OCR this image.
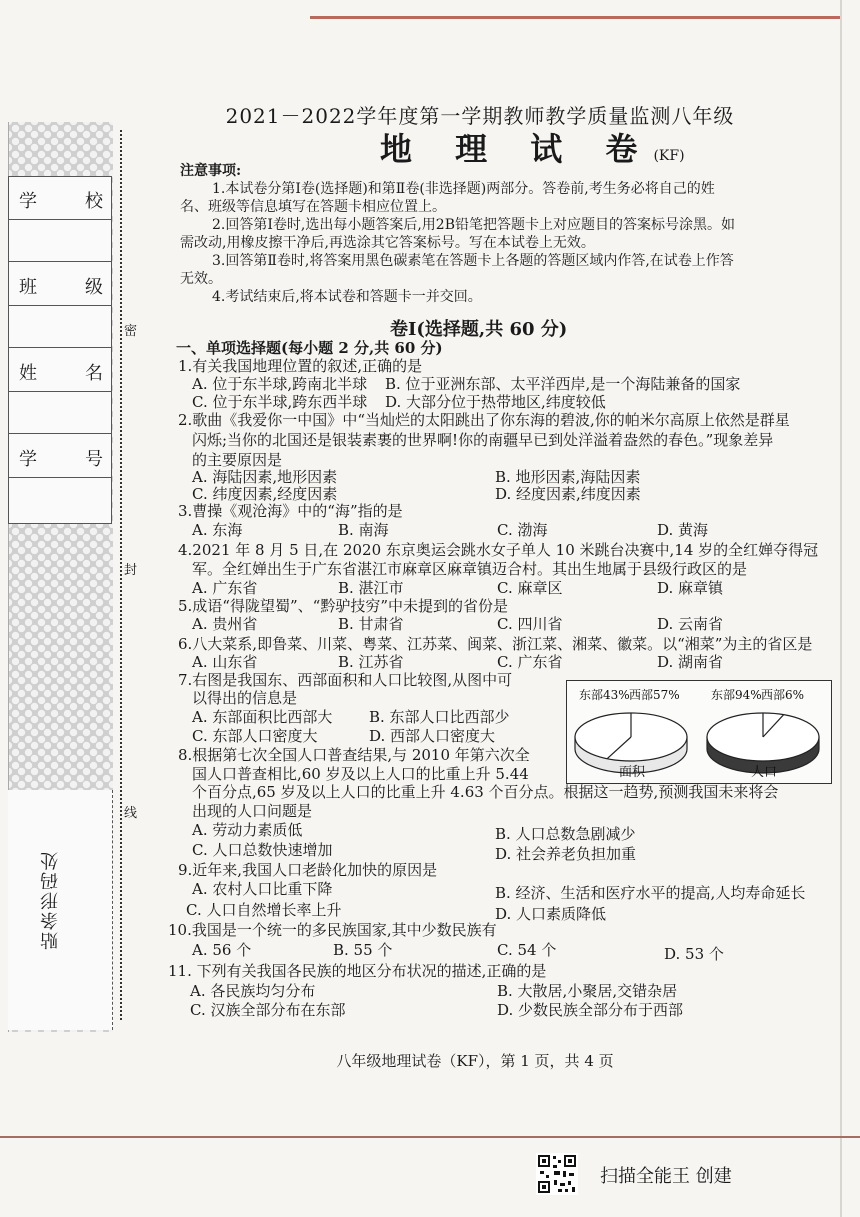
学	校
班	级
姓	名
学	号
贴条形码处
密
封
线
2021－2022学年度第一学期教师教学质量监测八年级
地 理 试 卷(KF)
注意事项:
1.本试卷分第Ⅰ卷(选择题)和第Ⅱ卷(非选择题)两部分。答卷前,考生务必将自己的姓
名、班级等信息填写在答题卡相应位置上。
2.回答第Ⅰ卷时,选出每小题答案后,用2B铅笔把答题卡上对应题目的答案标号涂黑。如
需改动,用橡皮擦干净后,再选涂其它答案标号。写在本试卷上无效。
3.回答第Ⅱ卷时,将答案用黑色碳素笔在答题卡上各题的答题区域内作答,在试卷上作答
无效。
4.考试结束后,将本试卷和答题卡一并交回。
卷Ⅰ(选择题,共 60 分)
一、单项选择题(每小题 2 分,共 60 分)
1.有关我国地理位置的叙述,正确的是
A. 位于东半球,跨南北半球 B. 位于亚洲东部、太平洋西岸,是一个海陆兼备的国家
C. 位于东半球,跨东西半球 D. 大部分位于热带地区,纬度较低
2.歌曲《我爱你一中国》中“当灿烂的太阳跳出了你东海的碧波,你的帕米尔高原上依然是群星
闪烁;当你的北国还是银装素裹的世界啊!你的南疆早已到处洋溢着盎然的春色。”现象差异
的主要原因是
A. 海陆因素,地形因素	B. 地形因素,海陆因素
C. 纬度因素,经度因素	D. 经度因素,纬度因素
3.曹操《观沧海》中的“海”指的是
A. 东海	B. 南海	C. 渤海	D. 黄海
4.2021 年 8 月 5 日,在 2020 东京奥运会跳水女子单人 10 米跳台决赛中,14 岁的全红婵夺得冠
军。全红婵出生于广东省湛江市麻章区麻章镇迈合村。其出生地属于县级行政区的是
A. 广东省	B. 湛江市	C. 麻章区	D. 麻章镇
5.成语“得陇望蜀”、“黔驴技穷”中未提到的省份是
A. 贵州省	B. 甘肃省	C. 四川省	D. 云南省
6.八大菜系,即鲁菜、川菜、粤菜、江苏菜、闽菜、浙江菜、湘菜、徽菜。以“湘菜”为主的省区是
A. 山东省	B. 江苏省	C. 广东省	D. 湖南省
7.右图是我国东、西部面积和人口比较图,从图中可
以得出的信息是
A. 东部面积比西部大 B. 东部人口比西部少
C. 东部人口密度大	D. 西部人口密度大
东部43% 西部57%
面积
东部94% 西部6%
人口
8.根据第七次全国人口普查结果,与 2010 年第六次全
国人口普查相比,60 岁及以上人口的比重上升 5.44
个百分点,65 岁及以上人口的比重上升 4.63 个百分点。根据这一趋势,预测我国未来将会
出现的人口问题是
A. 劳动力素质低	B. 人口总数急剧减少
C. 人口总数快速增加	D. 社会养老负担加重
9.近年来,我国人口老龄化加快的原因是
A. 农村人口比重下降	B. 经济、生活和医疗水平的提高,人均寿命延长
C. 人口自然增长率上升	D. 人口素质降低
10.我国是一个统一的多民族国家,其中少数民族有
A. 56 个	B. 55 个	C. 54 个	D. 53 个
11. 下列有关我国各民族的地区分布状况的描述,正确的是
A. 各民族均匀分布	B. 大散居,小聚居,交错杂居
C. 汉族全部分布在东部	D. 少数民族全部分布于西部
八年级地理试卷（KF），第 1 页，共 4 页
扫描全能王 创建
